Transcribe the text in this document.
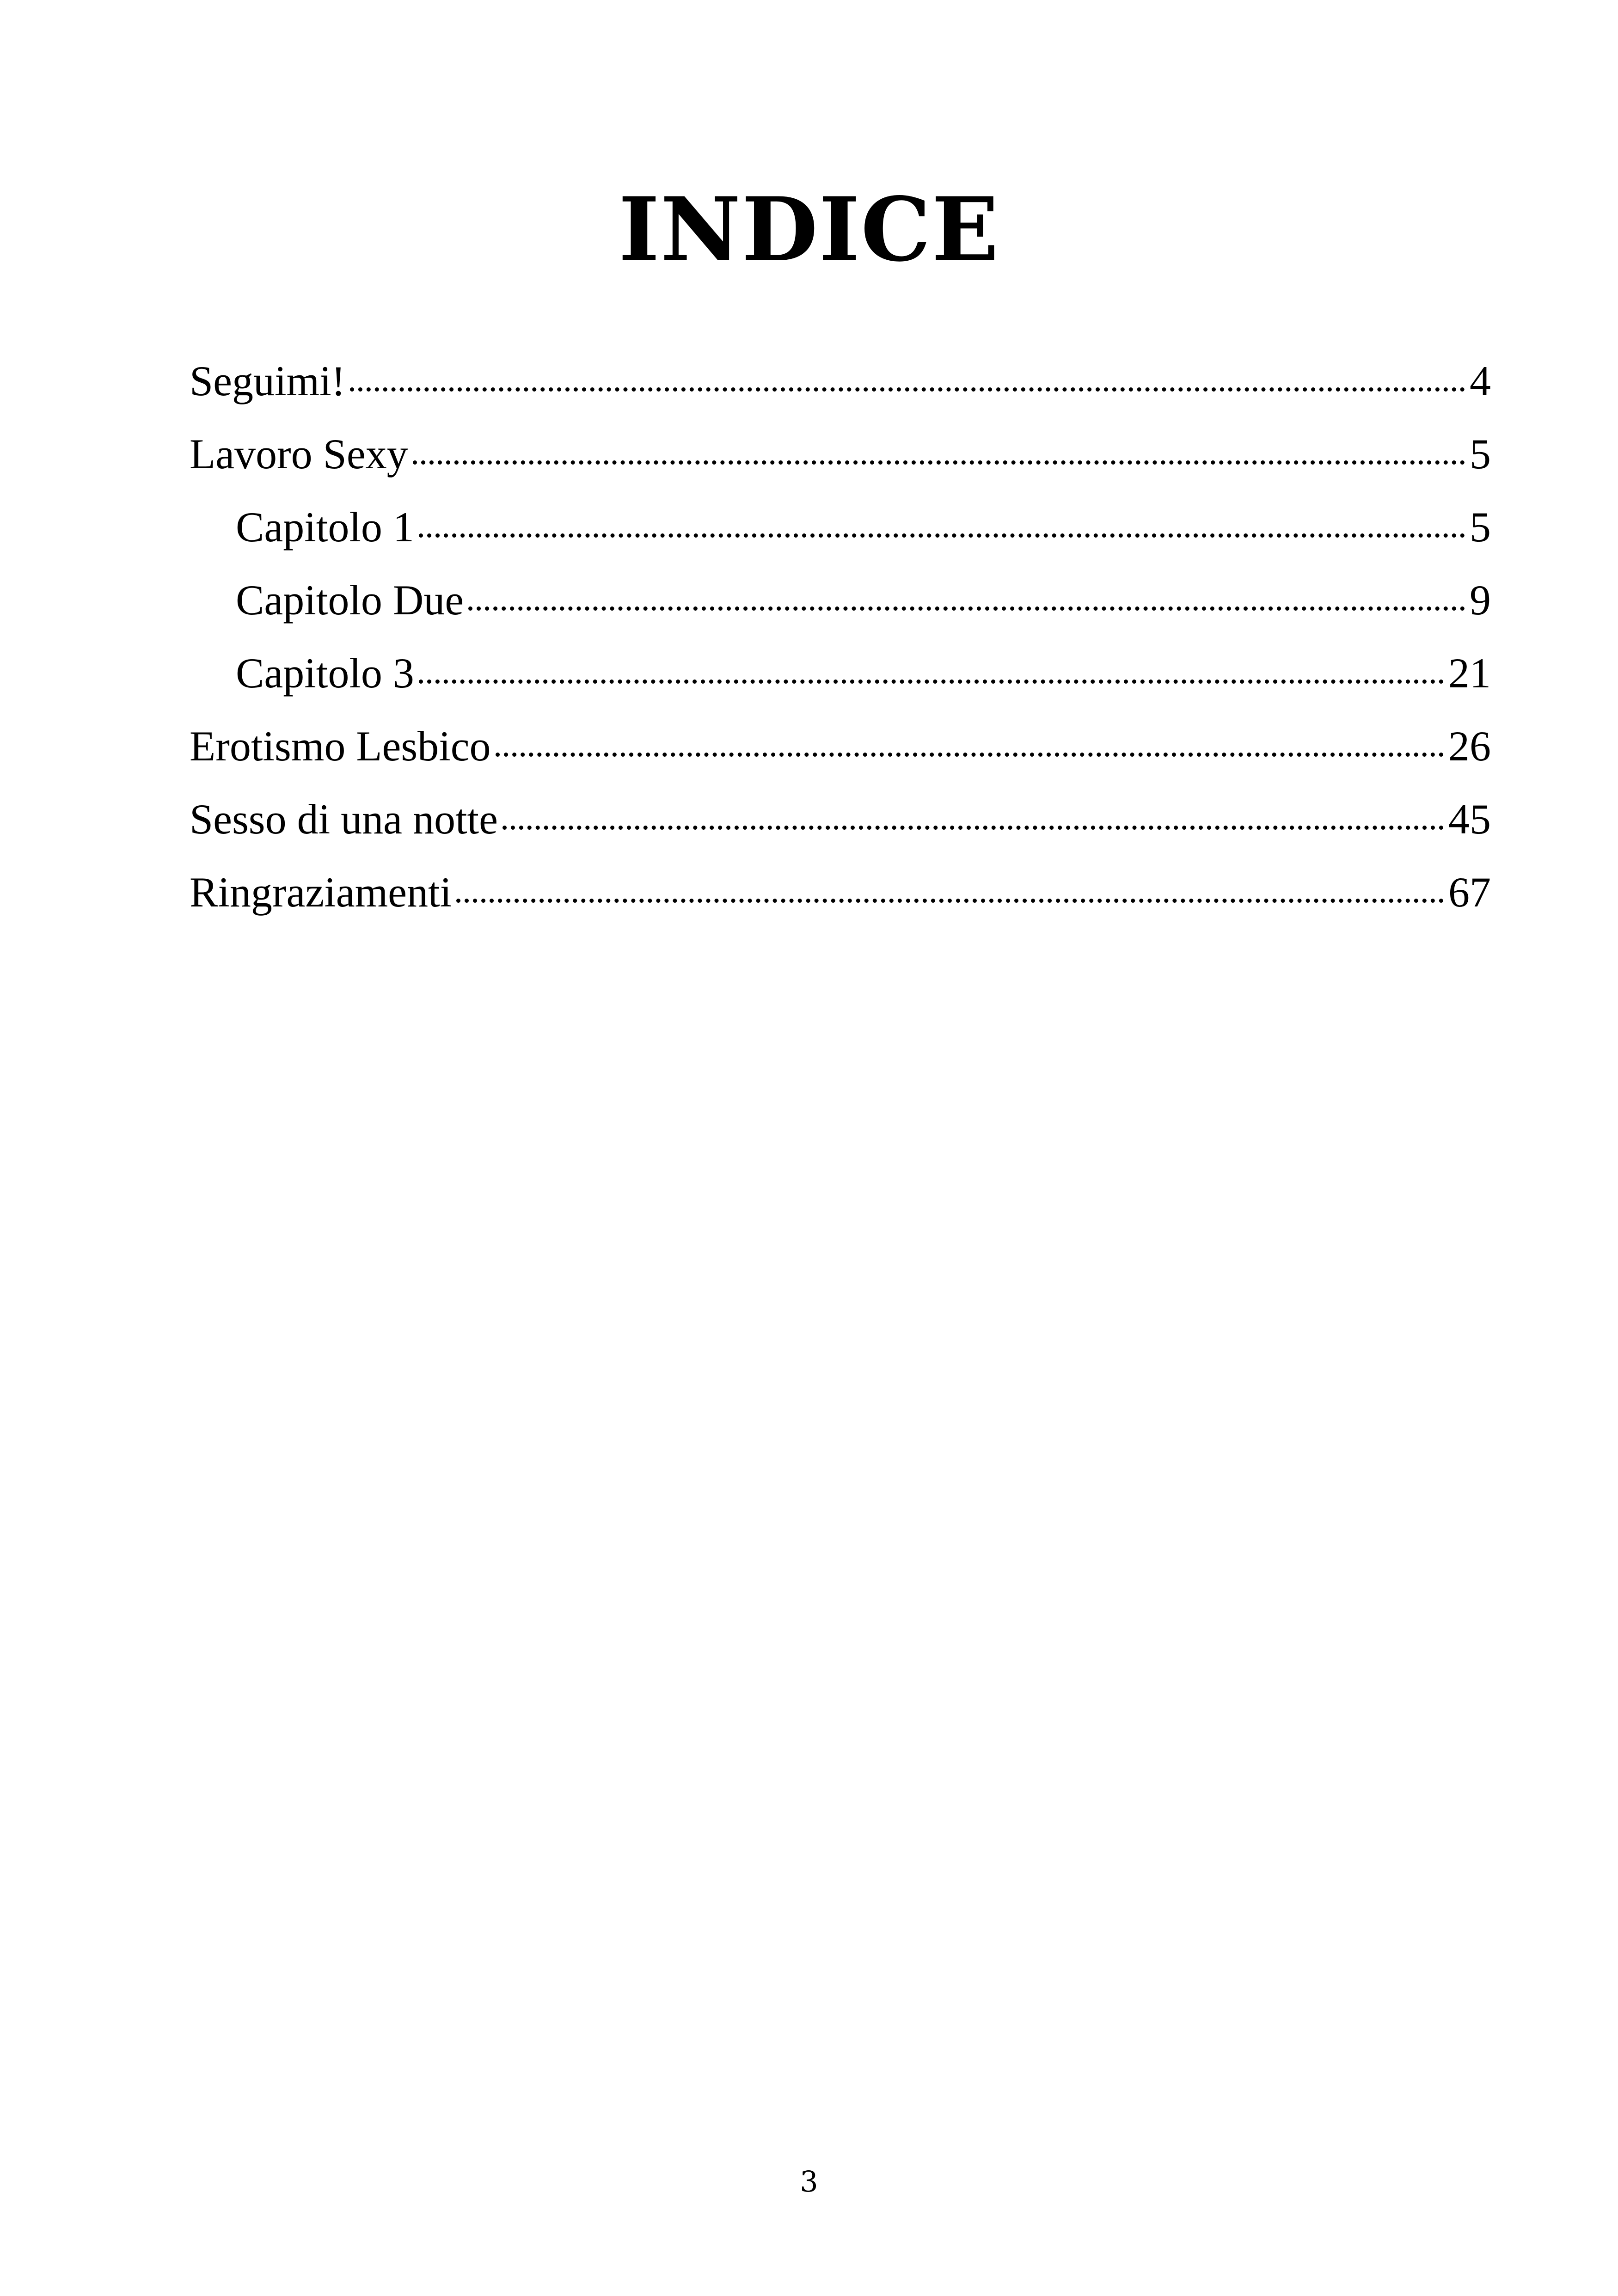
INDICE
Seguimi!	4
Lavoro Sexy	5
Capitolo 1	5
Capitolo Due	9
Capitolo 3	21
Erotismo Lesbico	26
Sesso di una notte	45
Ringraziamenti	67
3
